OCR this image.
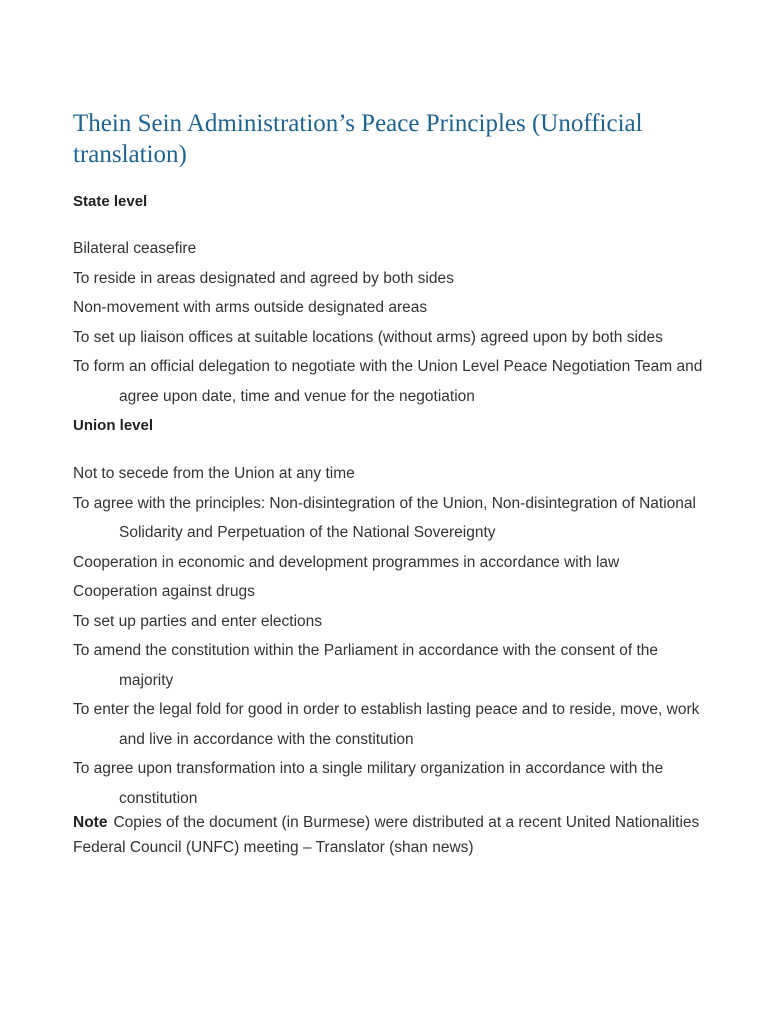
Thein Sein Administration’s Peace Principles (Unofficial translation)
State level
Bilateral ceasefire
To reside in areas designated and agreed by both sides
Non-movement with arms outside designated areas
To set up liaison offices at suitable locations (without arms) agreed upon by both sides
To form an official delegation to negotiate with the Union Level Peace Negotiation Team and agree upon date, time and venue for the negotiation
Union level
Not to secede from the Union at any time
To agree with the principles: Non-disintegration of the Union, Non-disintegration of National Solidarity and Perpetuation of the National Sovereignty
Cooperation in economic and development programmes in accordance with law
Cooperation against drugs
To set up parties and enter elections
To amend the constitution within the Parliament in accordance with the consent of the majority
To enter the legal fold for good in order to establish lasting peace and to reside, move, work and live in accordance with the constitution
To agree upon transformation into a single military organization in accordance with the constitution

Note Copies of the document (in Burmese) were distributed at a recent United Nationalities Federal Council (UNFC) meeting – Translator (shan news)
